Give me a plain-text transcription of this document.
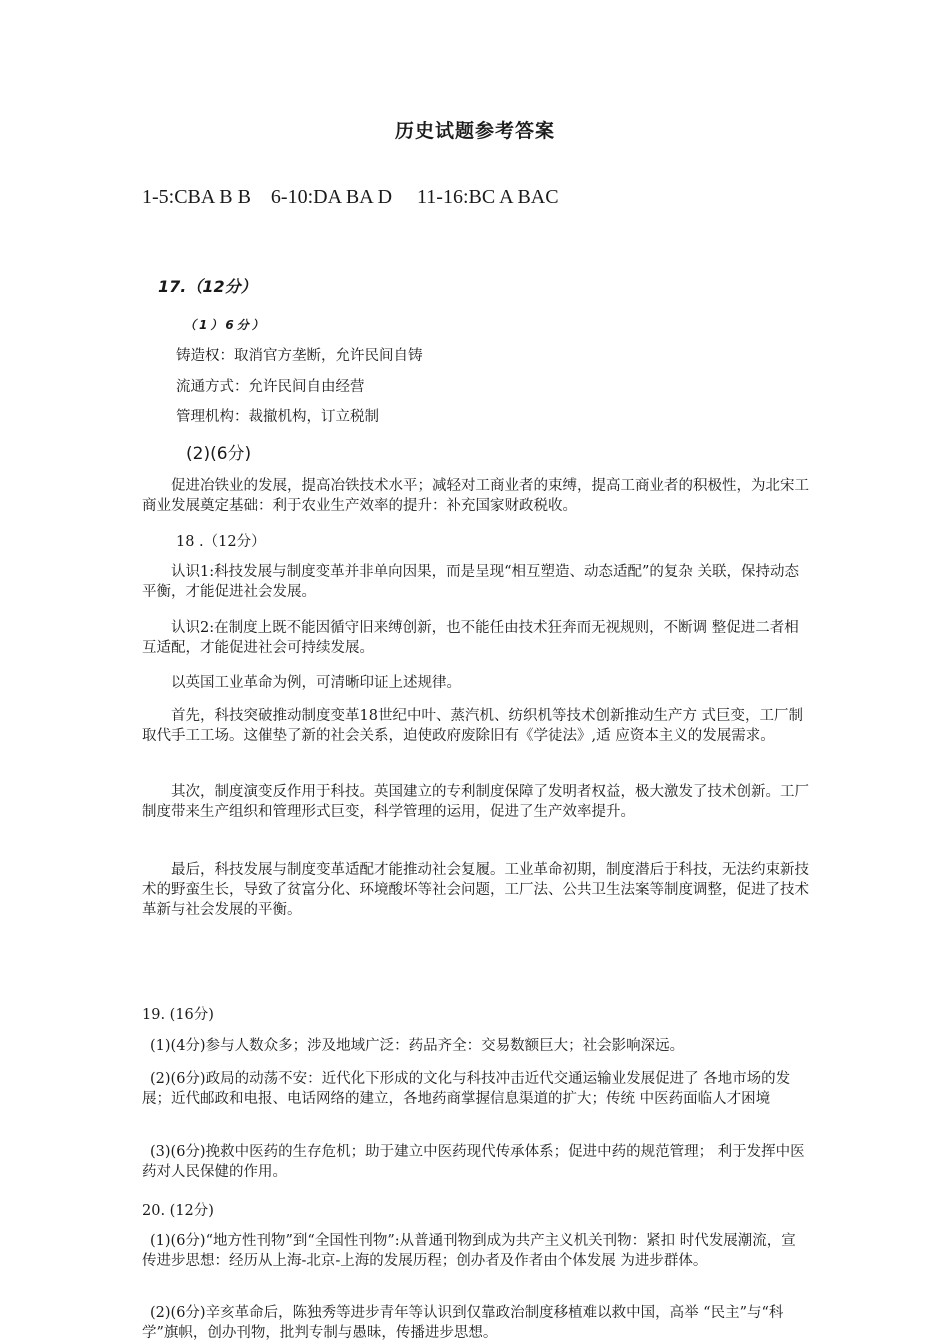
历史试题参考答案
1-5:CBA B B 6-10:DA BA D 11-16:BC A BAC
17.（12分）
（1）6分）
铸造权：取消官方垄断，允许民间自铸
流通方式：允许民间自由经营
管理机构：裁撤机构，订立税制
(2)(6分)
促进冶铁业的发展，提高冶铁技术水平；减轻对工商业者的束缚，提高工商业者的积极性，为北宋工商业发展奠定基础：利于农业生产效率的提升：补充国家财政税收。
18 .（12分）
认识1:科技发展与制度变革并非单向因果，而是呈现“相互塑造、动态适配”的复杂 关联，保持动态平衡，才能促进社会发展。
认识2:在制度上既不能因循守旧来缚创新，也不能任由技术狂奔而无视规则，不断调 整促进二者相互适配，才能促进社会可持续发展。
以英国工业革命为例，可清晰印证上述规律。
首先，科技突破推动制度变革18世纪中叶、蒸汽机、纺织机等技术创新推动生产方 式巨变，工厂制取代手工工场。这催垫了新的社会关系，迫使政府废除旧有《学徒法》,适 应资本主义的发展需求。
其次，制度演变反作用于科技。英国建立的专利制度保障了发明者权益，极大激发了技术创新。工厂制度带来生产组织和管理形式巨变，科学管理的运用，促进了生产效率提升。
最后，科技发展与制度变革适配才能推动社会复履。工业革命初期，制度潜后于科技，无法约束新技术的野蛮生长，导致了贫富分化、环境酸坏等社会问题，工厂法、公共卫生法案等制度调整，促进了技术革新与社会发展的平衡。
19. (16分)
(1)(4分)参与人数众多；涉及地域广泛：药品齐全：交易数额巨大；社会影响深远。
(2)(6分)政局的动荡不安：近代化下形成的文化与科技冲击近代交通运输业发展促进了 各地市场的发展；近代邮政和电报、电话网络的建立，各地药商掌握信息渠道的扩大；传统 中医药面临人才困境
(3)(6分)挽救中医药的生存危机；助于建立中医药现代传承体系；促进中药的规范管理； 利于发挥中医药对人民保健的作用。
20. (12分)
(1)(6分)“地方性刊物”到“全国性刊物”:从普通刊物到成为共产主义机关刊物：紧扣 时代发展潮流，宣传进步思想：经历从上海-北京-上海的发展历程；创办者及作者由个体发展 为进步群体。
(2)(6分)辛亥革命后，陈独秀等进步青年等认识到仅靠政治制度移植难以救中国，高举 “民主”与“科学”旗帜，创办刊物，批判专制与愚昧，传播进步思想。
